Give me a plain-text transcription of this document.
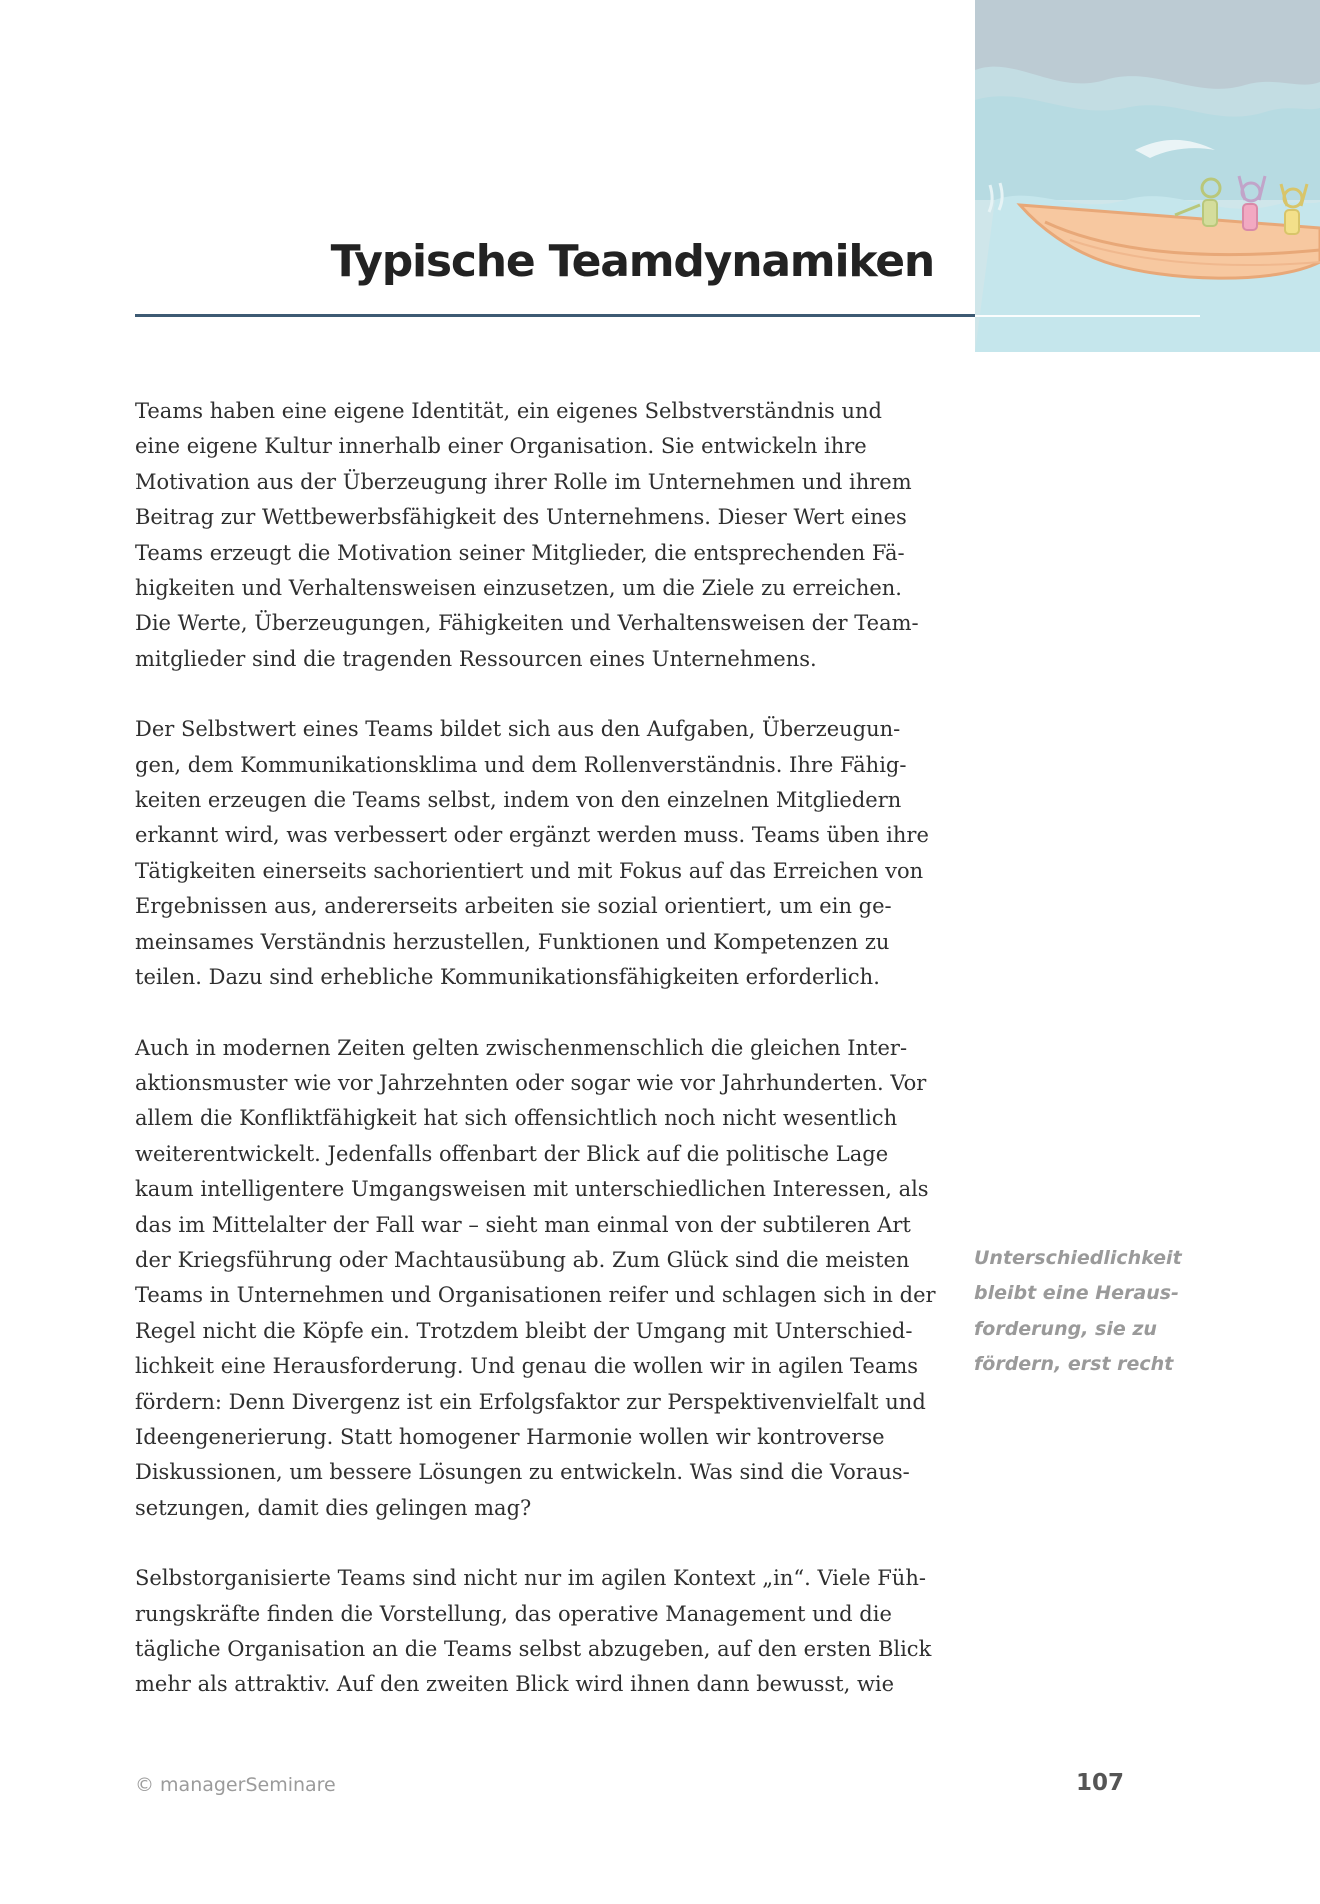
Typische Teamdynamiken

Teams haben eine eigene Identität, ein eigenes Selbstverständnis und
eine eigene Kultur innerhalb einer Organisation. Sie entwickeln ihre
Motivation aus der Überzeugung ihrer Rolle im Unternehmen und ihrem
Beitrag zur Wettbewerbsfähigkeit des Unternehmens. Dieser Wert eines
Teams erzeugt die Motivation seiner Mitglieder, die entsprechenden Fä-
higkeiten und Verhaltensweisen einzusetzen, um die Ziele zu erreichen.
Die Werte, Überzeugungen, Fähigkeiten und Verhaltensweisen der Team-
mitglieder sind die tragenden Ressourcen eines Unternehmens.

Der Selbstwert eines Teams bildet sich aus den Aufgaben, Überzeugun-
gen, dem Kommunikationsklima und dem Rollenverständnis. Ihre Fähig-
keiten erzeugen die Teams selbst, indem von den einzelnen Mitgliedern
erkannt wird, was verbessert oder ergänzt werden muss. Teams üben ihre
Tätigkeiten einerseits sachorientiert und mit Fokus auf das Erreichen von
Ergebnissen aus, andererseits arbeiten sie sozial orientiert, um ein ge-
meinsames Verständnis herzustellen, Funktionen und Kompetenzen zu
teilen. Dazu sind erhebliche Kommunikationsfähigkeiten erforderlich.

Auch in modernen Zeiten gelten zwischenmenschlich die gleichen Inter-
aktionsmuster wie vor Jahrzehnten oder sogar wie vor Jahrhunderten. Vor
allem die Konfliktfähigkeit hat sich offensichtlich noch nicht wesentlich
weiterentwickelt. Jedenfalls offenbart der Blick auf die politische Lage
kaum intelligentere Umgangsweisen mit unterschiedlichen Interessen, als
das im Mittelalter der Fall war – sieht man einmal von der subtileren Art
der Kriegsführung oder Machtausübung ab. Zum Glück sind die meisten
Teams in Unternehmen und Organisationen reifer und schlagen sich in der
Regel nicht die Köpfe ein. Trotzdem bleibt der Umgang mit Unterschied-
lichkeit eine Herausforderung. Und genau die wollen wir in agilen Teams
fördern: Denn Divergenz ist ein Erfolgsfaktor zur Perspektivenvielfalt und
Ideengenerierung. Statt homogener Harmonie wollen wir kontroverse
Diskussionen, um bessere Lösungen zu entwickeln. Was sind die Voraus-
setzungen, damit dies gelingen mag?

Selbstorganisierte Teams sind nicht nur im agilen Kontext „in“. Viele Füh-
rungskräfte finden die Vorstellung, das operative Management und die
tägliche Organisation an die Teams selbst abzugeben, auf den ersten Blick
mehr als attraktiv. Auf den zweiten Blick wird ihnen dann bewusst, wie

Unterschiedlichkeit
bleibt eine Heraus-
forderung, sie zu
fördern, erst recht
© managerSeminare	107
